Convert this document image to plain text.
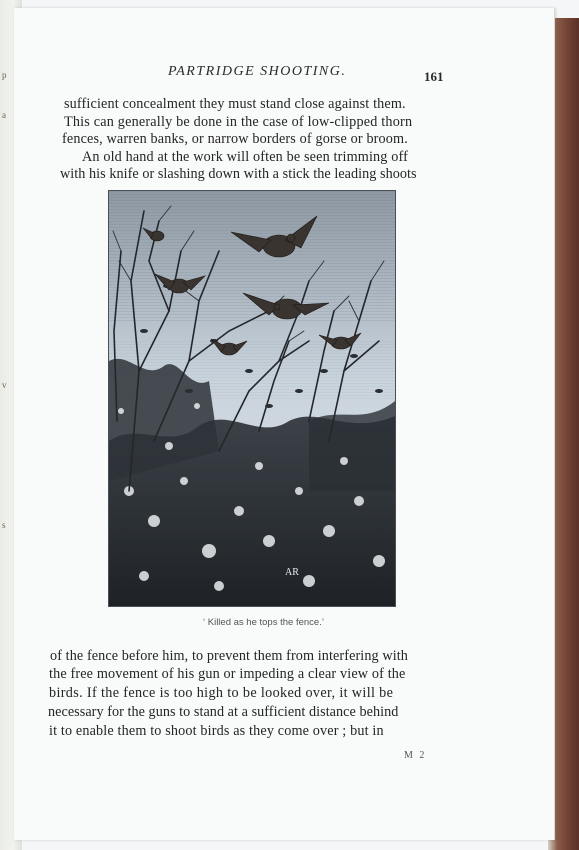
p
a
v
s
PARTRIDGE SHOOTING.	161
sufficient concealment they must stand close against them.
This can generally be done in the case of low-clipped thorn
fences, warren banks, or narrow borders of gorse or broom.
An old hand at the work will often be seen trimming off
with his knife or slashing down with a stick the leading shoots
AR
‘ Killed as he tops the fence.’
of the fence before him, to prevent them from interfering with
the free movement of his gun or impeding a clear view of the
birds. If the fence is too high to be looked over, it will be
necessary for the guns to stand at a sufficient distance behind
it to enable them to shoot birds as they come over ; but in
M 2
